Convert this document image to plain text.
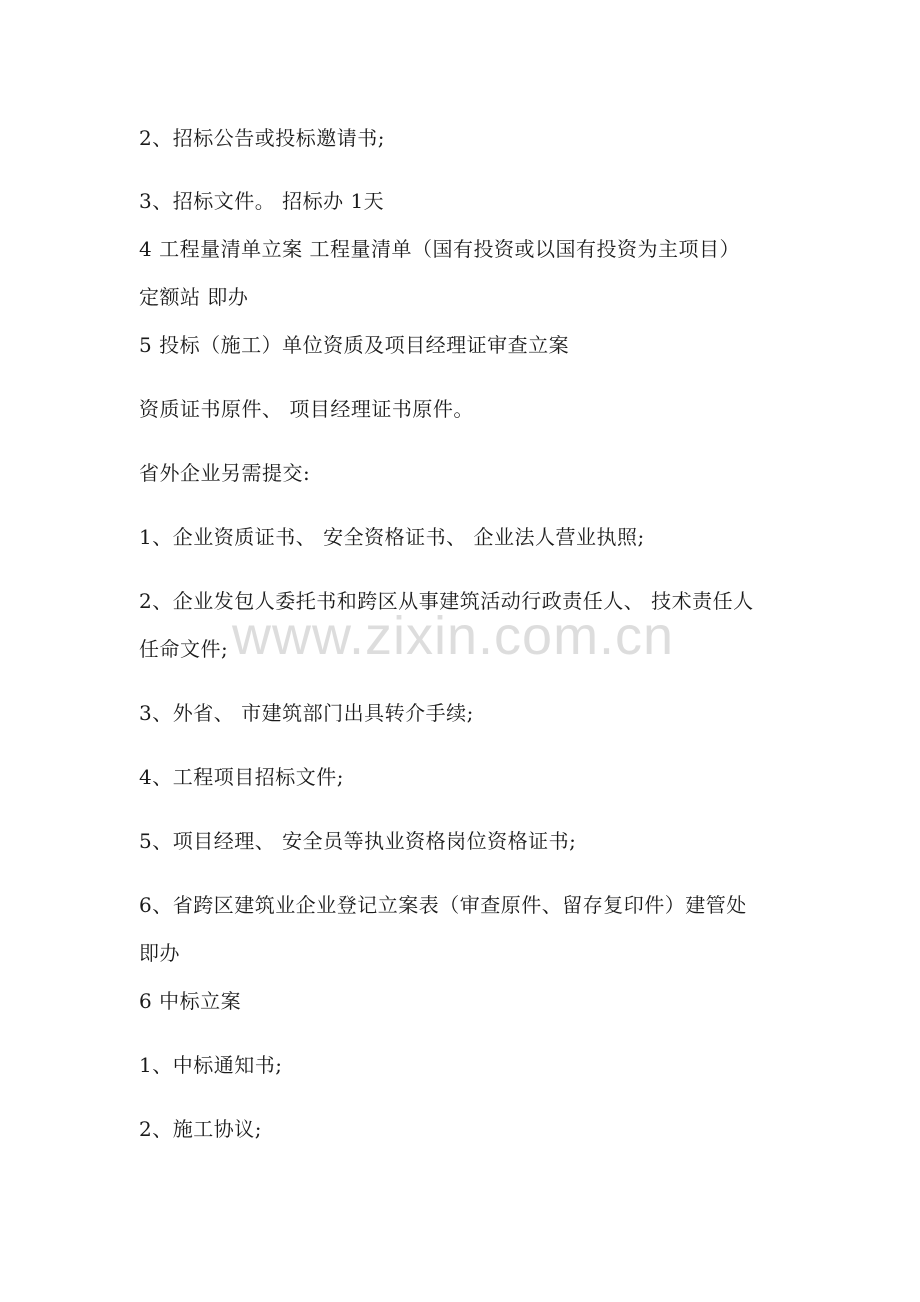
2、招标公告或投标邀请书;
3、招标文件。 招标办 1天
4 工程量清单立案 工程量清单（国有投资或以国有投资为主项目）
定额站 即办
5 投标（施工）单位资质及项目经理证审查立案
资质证书原件、 项目经理证书原件。
省外企业另需提交:
1、企业资质证书、 安全资格证书、 企业法人营业执照;
2、企业发包人委托书和跨区从事建筑活动行政责任人、 技术责任人
任命文件;
3、外省、 市建筑部门出具转介手续;
4、工程项目招标文件;
5、项目经理、 安全员等执业资格岗位资格证书;
6、省跨区建筑业企业登记立案表（审查原件、留存复印件）建管处
即办
6 中标立案
1、中标通知书;
2、施工协议;
www.zixin.com.cn
